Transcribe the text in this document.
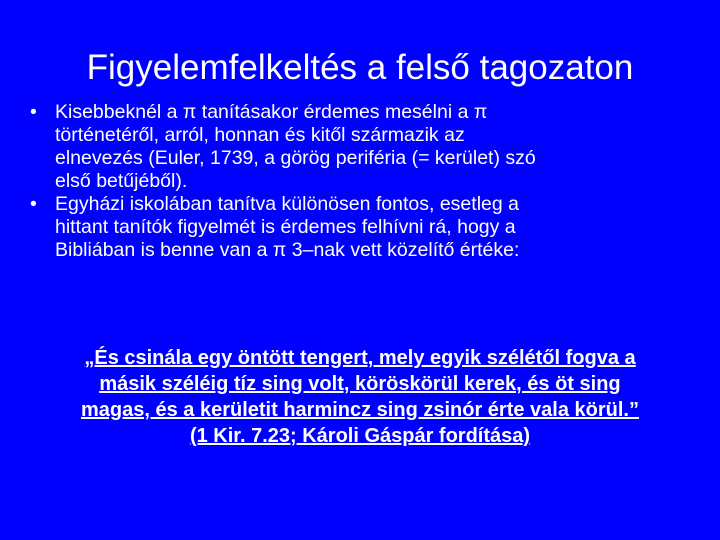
Figyelemfelkeltés a felső tagozaton
• Kisebbeknél a π tanításakor érdemes mesélni a π
történetéről, arról, honnan és kitől származik az
elnevezés (Euler, 1739, a görög periféria (= kerület) szó
első betűjéből).
• Egyházi iskolában tanítva különösen fontos, esetleg a
hittant tanítók figyelmét is érdemes felhívni rá, hogy a
Bibliában is benne van a π 3–nak vett közelítő értéke:
„És csinála egy öntött tengert, mely egyik szélétől fogva a
másik széléig tíz sing volt, köröskörül kerek, és öt sing
magas, és a kerületit harmincz sing zsinór érte vala körül.”
(1 Kir. 7.23; Károli Gáspár fordítása)
